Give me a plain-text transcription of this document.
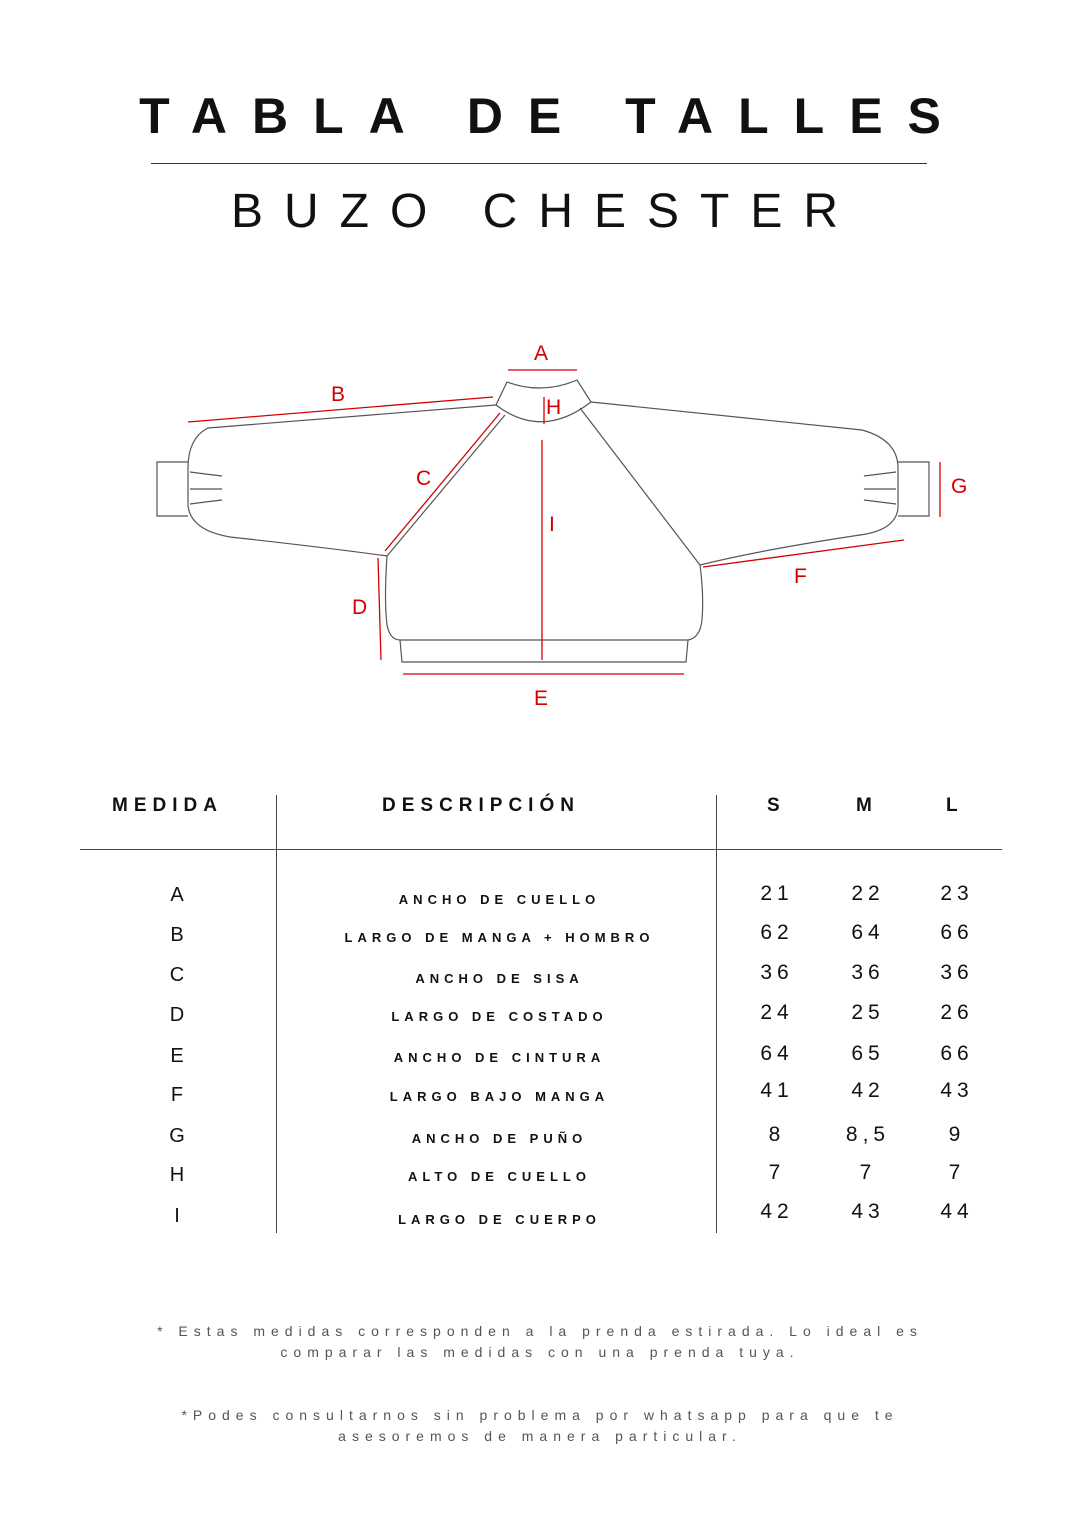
TABLA DE TALLES
BUZO CHESTER
A
B
C
D
E
F
G
H
I
MEDIDA	DESCRIPCIÓN	S	M	L
A	ANCHO DE CUELLO	21	22	23
B	LARGO DE MANGA + HOMBRO	62	64	66
C	ANCHO DE SISA	36	36	36
D	LARGO DE COSTADO	24	25	26
E	ANCHO DE CINTURA	64	65	66
F	LARGO BAJO MANGA	41	42	43
G	ANCHO DE PUÑO	8	8,5	9
H	ALTO DE CUELLO	7	7	7
I	LARGO DE CUERPO	42	43	44
* Estas medidas corresponden a la prenda estirada. Lo ideal es
comparar las medidas con una prenda tuya.
*Podes consultarnos sin problema por whatsapp para que te
asesoremos de manera particular.
